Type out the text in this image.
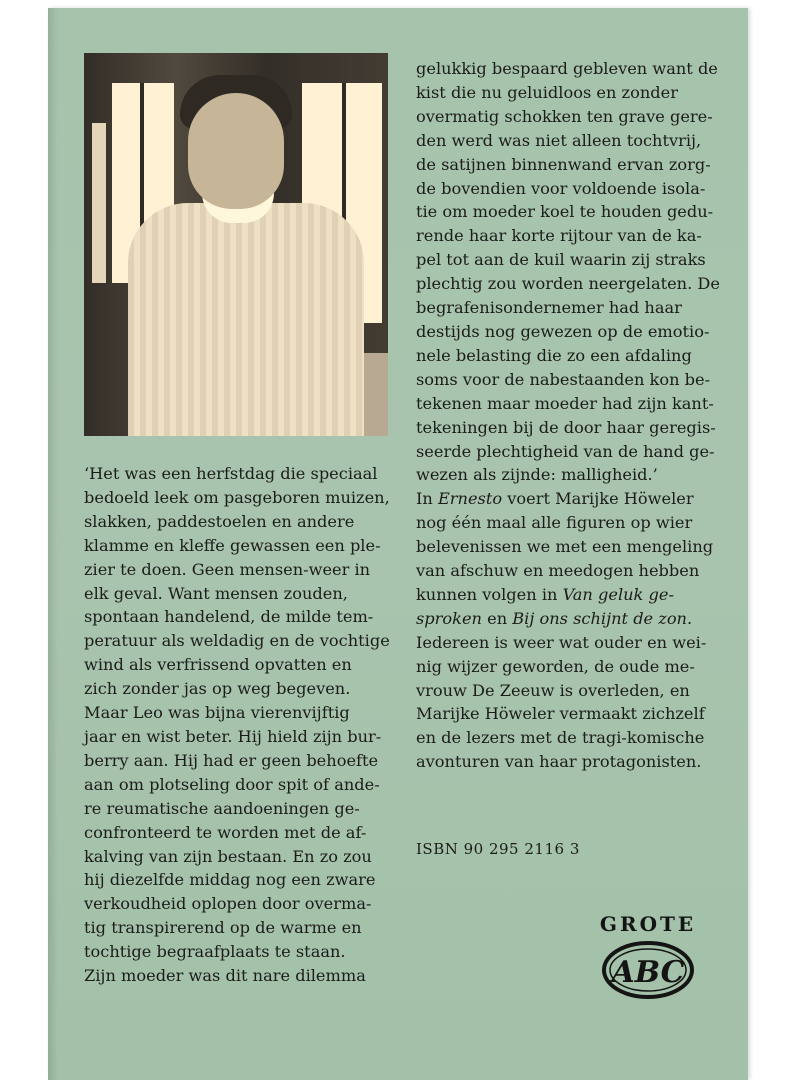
‘Het was een herfstdag die speciaal
bedoeld leek om pasgeboren muizen,
slakken, paddestoelen en andere
klamme en kleffe gewassen een ple-
zier te doen. Geen mensen-weer in
elk geval. Want mensen zouden,
spontaan handelend, de milde tem-
peratuur als weldadig en de vochtige
wind als verfrissend opvatten en
zich zonder jas op weg begeven.
Maar Leo was bijna vierenvijftig
jaar en wist beter. Hij hield zijn bur-
berry aan. Hij had er geen behoefte
aan om plotseling door spit of ande-
re reumatische aandoeningen ge-
confronteerd te worden met de af-
kalving van zijn bestaan. En zo zou
hij diezelfde middag nog een zware
verkoudheid oplopen door overma-
tig transpirerend op de warme en
tochtige begraafplaats te staan.
Zijn moeder was dit nare dilemma
gelukkig bespaard gebleven want de
kist die nu geluidloos en zonder
overmatig schokken ten grave gere-
den werd was niet alleen tochtvrij,
de satijnen binnenwand ervan zorg-
de bovendien voor voldoende isola-
tie om moeder koel te houden gedu-
rende haar korte rijtour van de ka-
pel tot aan de kuil waarin zij straks
plechtig zou worden neergelaten. De
begrafenisondernemer had haar
destijds nog gewezen op de emotio-
nele belasting die zo een afdaling
soms voor de nabestaanden kon be-
tekenen maar moeder had zijn kant-
tekeningen bij de door haar geregis-
seerde plechtigheid van de hand ge-
wezen als zijnde: malligheid.’
In Ernesto voert Marijke Höweler
nog één maal alle figuren op wier
belevenissen we met een mengeling
van afschuw en meedogen hebben
kunnen volgen in Van geluk ge-
sproken en Bij ons schijnt de zon.
Iedereen is weer wat ouder en wei-
nig wijzer geworden, de oude me-
vrouw De Zeeuw is overleden, en
Marijke Höweler vermaakt zichzelf
en de lezers met de tragi-komische
avonturen van haar protagonisten.
ISBN 90 295 2116 3
GROTE
ABC
